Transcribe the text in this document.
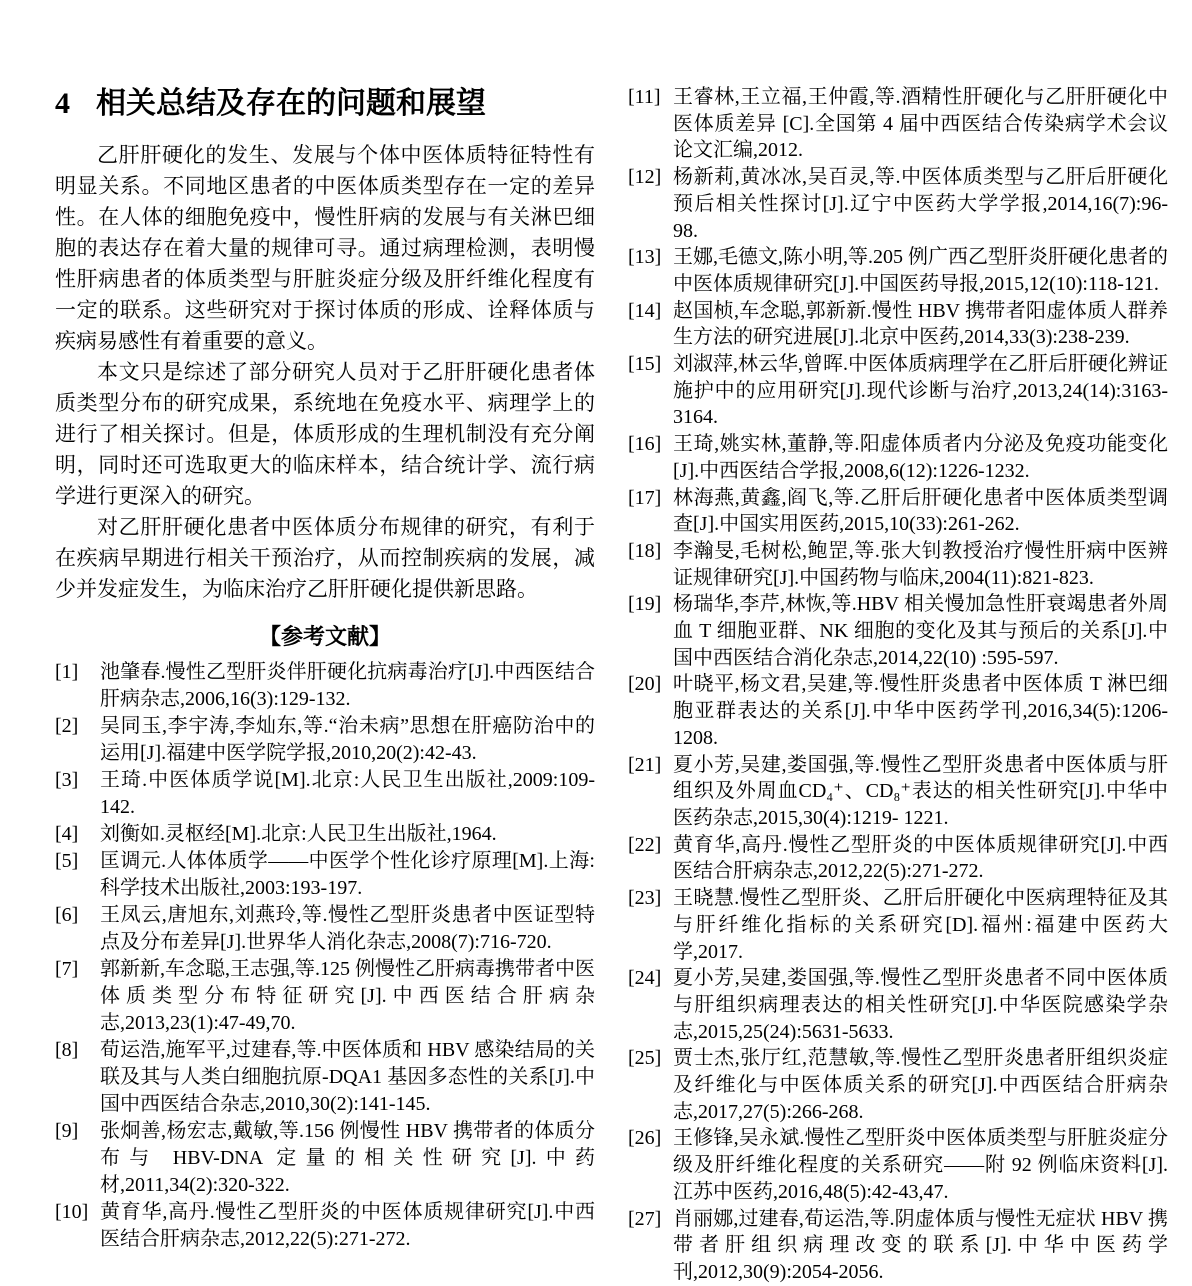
4 相关总结及存在的问题和展望

乙肝肝硬化的发生、发展与个体中医体质特征特性有明显关系。不同地区患者的中医体质类型存在一定的差异性。在人体的细胞免疫中，慢性肝病的发展与有关淋巴细胞的表达存在着大量的规律可寻。通过病理检测，表明慢性肝病患者的体质类型与肝脏炎症分级及肝纤维化程度有一定的联系。这些研究对于探讨体质的形成、诠释体质与疾病易感性有着重要的意义。

本文只是综述了部分研究人员对于乙肝肝硬化患者体质类型分布的研究成果，系统地在免疫水平、病理学上的进行了相关探讨。但是，体质形成的生理机制没有充分阐明，同时还可选取更大的临床样本，结合统计学、流行病学进行更深入的研究。

对乙肝肝硬化患者中医体质分布规律的研究，有利于在疾病早期进行相关干预治疗，从而控制疾病的发展，减少并发症发生，为临床治疗乙肝肝硬化提供新思路。

【参考文献】
[1] 池肇春.慢性乙型肝炎伴肝硬化抗病毒治疗[J].中西医结合肝病杂志,2006,16(3):129-132.
[2] 吴同玉,李宇涛,李灿东,等.“治未病”思想在肝癌防治中的运用[J].福建中医学院学报,2010,20(2):42-43.
[3] 王琦.中医体质学说[M].北京:人民卫生出版社,2009:109-142.
[4] 刘衡如.灵枢经[M].北京:人民卫生出版社,1964.
[5] 匡调元.人体体质学——中医学个性化诊疗原理[M].上海:科学技术出版社,2003:193-197.
[6] 王凤云,唐旭东,刘燕玲,等.慢性乙型肝炎患者中医证型特点及分布差异[J].世界华人消化杂志,2008(7):716-720.
[7] 郭新新,车念聪,王志强,等.125 例慢性乙肝病毒携带者中医体质类型分布特征研究[J].中西医结合肝病杂志,2013,23(1):47-49,70.
[8] 荀运浩,施军平,过建春,等.中医体质和 HBV 感染结局的关联及其与人类白细胞抗原-DQA1 基因多态性的关系[J].中国中西医结合杂志,2010,30(2):141-145.
[9] 张炯善,杨宏志,戴敏,等.156 例慢性 HBV 携带者的体质分布与 HBV-DNA 定量的相关性研究[J].中药材,2011,34(2):320-322.
[10] 黄育华,高丹.慢性乙型肝炎的中医体质规律研究[J].中西医结合肝病杂志,2012,22(5):271-272.
[11] 王睿林,王立福,王仲霞,等.酒精性肝硬化与乙肝肝硬化中医体质差异 [C].全国第 4 届中西医结合传染病学术会议论文汇编,2012.
[12] 杨新莉,黄冰冰,吴百灵,等.中医体质类型与乙肝后肝硬化预后相关性探讨[J].辽宁中医药大学学报,2014,16(7):96-98.
[13] 王娜,毛德文,陈小明,等.205 例广西乙型肝炎肝硬化患者的中医体质规律研究[J].中国医药导报,2015,12(10):118-121.
[14] 赵国桢,车念聪,郭新新.慢性 HBV 携带者阳虚体质人群养生方法的研究进展[J].北京中医药,2014,33(3):238-239.
[15] 刘淑萍,林云华,曾晖.中医体质病理学在乙肝后肝硬化辨证施护中的应用研究[J].现代诊断与治疗,2013,24(14):3163-3164.
[16] 王琦,姚实林,董静,等.阳虚体质者内分泌及免疫功能变化[J].中西医结合学报,2008,6(12):1226-1232.
[17] 林海燕,黄鑫,阎飞,等.乙肝后肝硬化患者中医体质类型调查[J].中国实用医药,2015,10(33):261-262.
[18] 李瀚旻,毛树松,鲍罡,等.张大钊教授治疗慢性肝病中医辨证规律研究[J].中国药物与临床,2004(11):821-823.
[19] 杨瑞华,李芹,林恢,等.HBV 相关慢加急性肝衰竭患者外周血 T 细胞亚群、NK 细胞的变化及其与预后的关系[J].中国中西医结合消化杂志,2014,22(10) :595-597.
[20] 叶晓平,杨文君,吴建,等.慢性肝炎患者中医体质 T 淋巴细胞亚群表达的关系[J].中华中医药学刊,2016,34(5):1206-1208.
[21] 夏小芳,吴建,娄国强,等.慢性乙型肝炎患者中医体质与肝组织及外周血CD₄⁺、CD₈⁺表达的相关性研究[J].中华中医药杂志,2015,30(4):1219- 1221.
[22] 黄育华,高丹.慢性乙型肝炎的中医体质规律研究[J].中西医结合肝病杂志,2012,22(5):271-272.
[23] 王晓慧.慢性乙型肝炎、乙肝后肝硬化中医病理特征及其与肝纤维化指标的关系研究[D].福州:福建中医药大学,2017.
[24] 夏小芳,吴建,娄国强,等.慢性乙型肝炎患者不同中医体质与肝组织病理表达的相关性研究[J].中华医院感染学杂志,2015,25(24):5631-5633.
[25] 贾士杰,张厅红,范慧敏,等.慢性乙型肝炎患者肝组织炎症及纤维化与中医体质关系的研究[J].中西医结合肝病杂志,2017,27(5):266-268.
[26] 王修锋,吴永斌.慢性乙型肝炎中医体质类型与肝脏炎症分级及肝纤维化程度的关系研究——附 92 例临床资料[J].江苏中医药,2016,48(5):42-43,47.
[27] 肖丽娜,过建春,荀运浩,等.阴虚体质与慢性无症状 HBV 携带者肝组织病理改变的联系[J].中华中医药学刊,2012,30(9):2054-2056.
